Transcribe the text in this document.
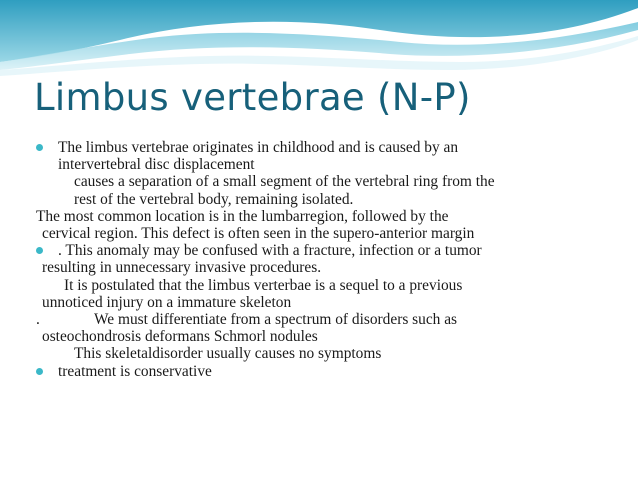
Limbus vertebrae (N-P)
The limbus vertebrae originates in childhood and is caused by an
intervertebral disc displacement
causes a separation of a small segment of the vertebral ring from the
rest of the vertebral body, remaining isolated.
The most common location is in the lumbarregion, followed by the
cervical region. This defect is often seen in the supero-anterior margin
. This anomaly may be confused with a fracture, infection or a tumor
resulting in unnecessary invasive procedures.
It is postulated that the limbus verterbae is a sequel to a previous
unnoticed injury on a immature skeleton
.	We must differentiate from a spectrum of disorders such as
osteochondrosis deformans Schmorl nodules
This skeletaldisorder usually causes no symptoms
treatment is conservative
